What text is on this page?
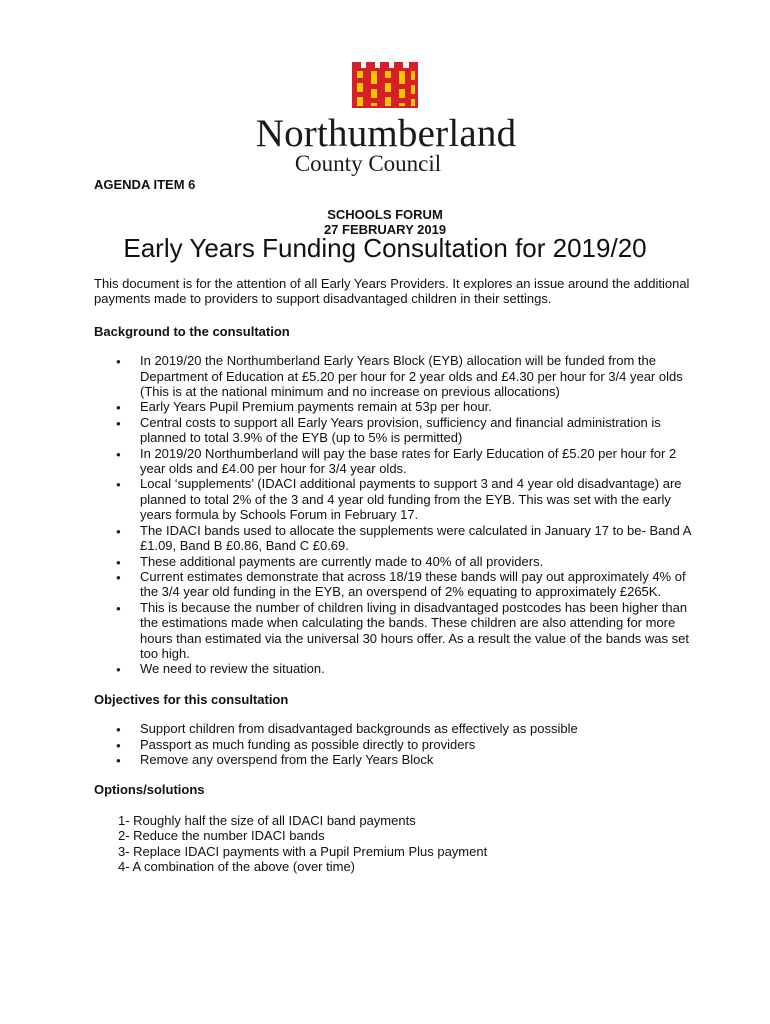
Northumberland
County Council

AGENDA ITEM 6

SCHOOLS FORUM
27 FEBRUARY 2019
Early Years Funding Consultation for 2019/20

This document is for the attention of all Early Years Providers. It explores an issue around the additional payments made to providers to support disadvantaged children in their settings.

Background to the consultation

● In 2019/20 the Northumberland Early Years Block (EYB) allocation will be funded from the Department of Education at £5.20 per hour for 2 year olds and £4.30 per hour for 3/4 year olds (This is at the national minimum and no increase on previous allocations)
● Early Years Pupil Premium payments remain at 53p per hour.
● Central costs to support all Early Years provision, sufficiency and financial administration is planned to total 3.9% of the EYB (up to 5% is permitted)
● In 2019/20 Northumberland will pay the base rates for Early Education of £5.20 per hour for 2 year olds and £4.00 per hour for 3/4 year olds.
● Local ‘supplements’ (IDACI additional payments to support 3 and 4 year old disadvantage) are planned to total 2% of the 3 and 4 year old funding from the EYB. This was set with the early years formula by Schools Forum in February 17.
● The IDACI bands used to allocate the supplements were calculated in January 17 to be- Band A £1.09, Band B £0.86, Band C £0.69.
● These additional payments are currently made to 40% of all providers.
● Current estimates demonstrate that across 18/19 these bands will pay out approximately 4% of the 3/4 year old funding in the EYB, an overspend of 2% equating to approximately £265K.
● This is because the number of children living in disadvantaged postcodes has been higher than the estimations made when calculating the bands. These children are also attending for more hours than estimated via the universal 30 hours offer. As a result the value of the bands was set too high.
● We need to review the situation.

Objectives for this consultation

● Support children from disadvantaged backgrounds as effectively as possible
● Passport as much funding as possible directly to providers
● Remove any overspend from the Early Years Block

Options/solutions

1- Roughly half the size of all IDACI band payments
2- Reduce the number IDACI bands
3- Replace IDACI payments with a Pupil Premium Plus payment
4- A combination of the above (over time)
